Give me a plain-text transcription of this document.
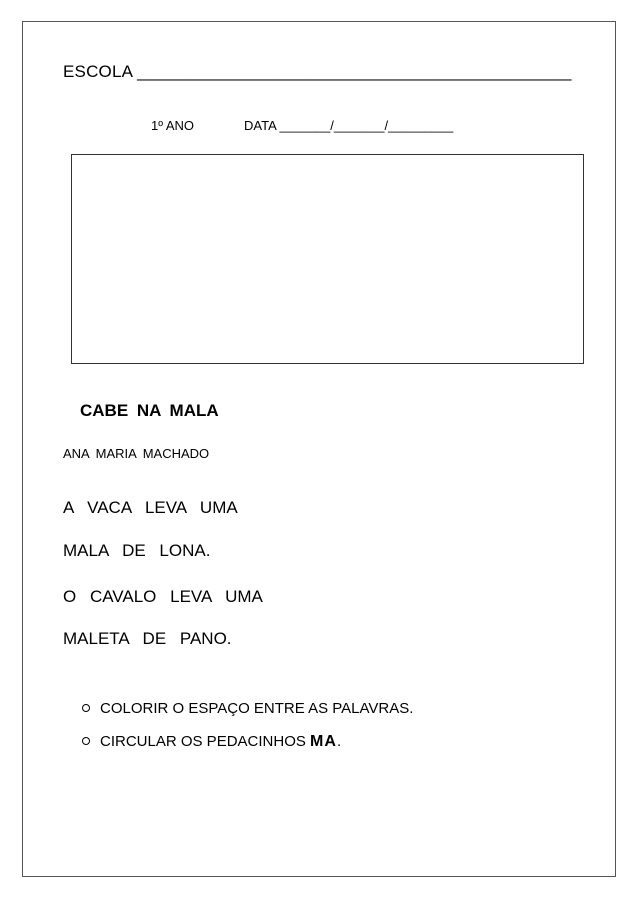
ESCOLA _____________________________________________
1º ANO	DATA _______/_______/_________
CABE NA MALA
ANA MARIA MACHADO
A VACA LEVA UMA
MALA DE LONA.
O CAVALO LEVA UMA
MALETA DE PANO.
COLORIR O ESPAÇO ENTRE AS PALAVRAS.
CIRCULAR OS PEDACINHOS MA.
